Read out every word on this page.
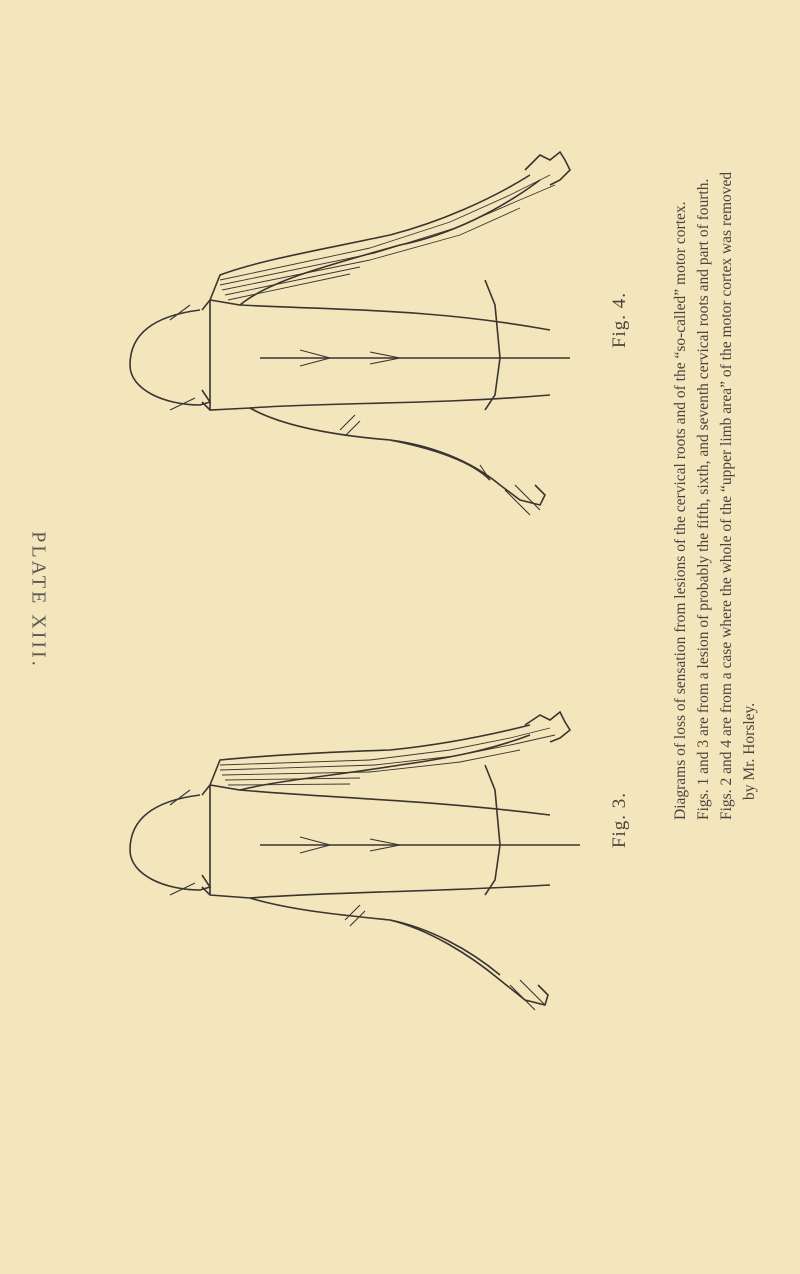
PLATE XIII.
Fig. 3.
Fig. 4.	Diagrams of loss of sensation from lesions of the cervical roots and of the “so-called” motor cortex. Figs. 1 and 3 are from a lesion of probably the fifth, sixth, and seventh cervical roots and part of fourth. Figs. 2 and 4 are from a case where the whole of the “upper limb area” of the motor cortex was removed by Mr. Horsley.
